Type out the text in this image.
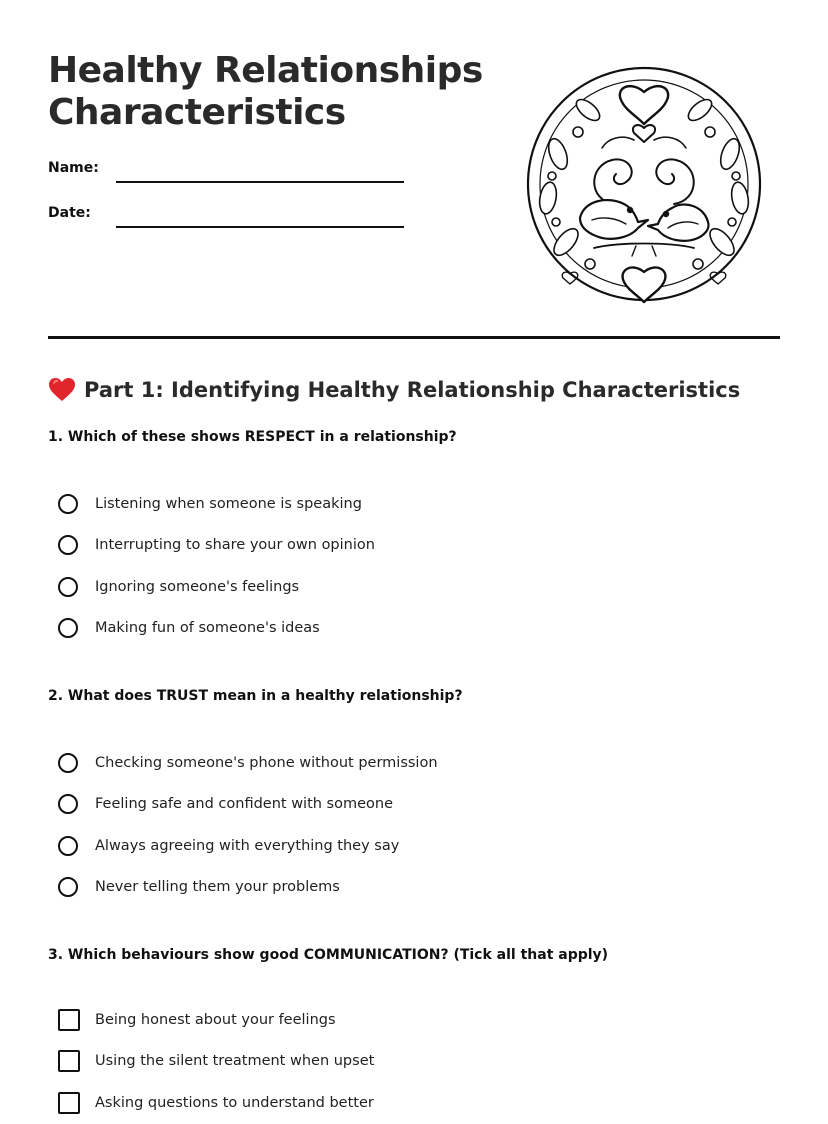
Healthy Relationships
Characteristics
Name:
Date:
Part 1: Identifying Healthy Relationship Characteristics
1. Which of these shows RESPECT in a relationship?
Listening when someone is speaking
Interrupting to share your own opinion
Ignoring someone's feelings
Making fun of someone's ideas
2. What does TRUST mean in a healthy relationship?
Checking someone's phone without permission
Feeling safe and confident with someone
Always agreeing with everything they say
Never telling them your problems
3. Which behaviours show good COMMUNICATION? (Tick all that apply)
Being honest about your feelings
Using the silent treatment when upset
Asking questions to understand better
